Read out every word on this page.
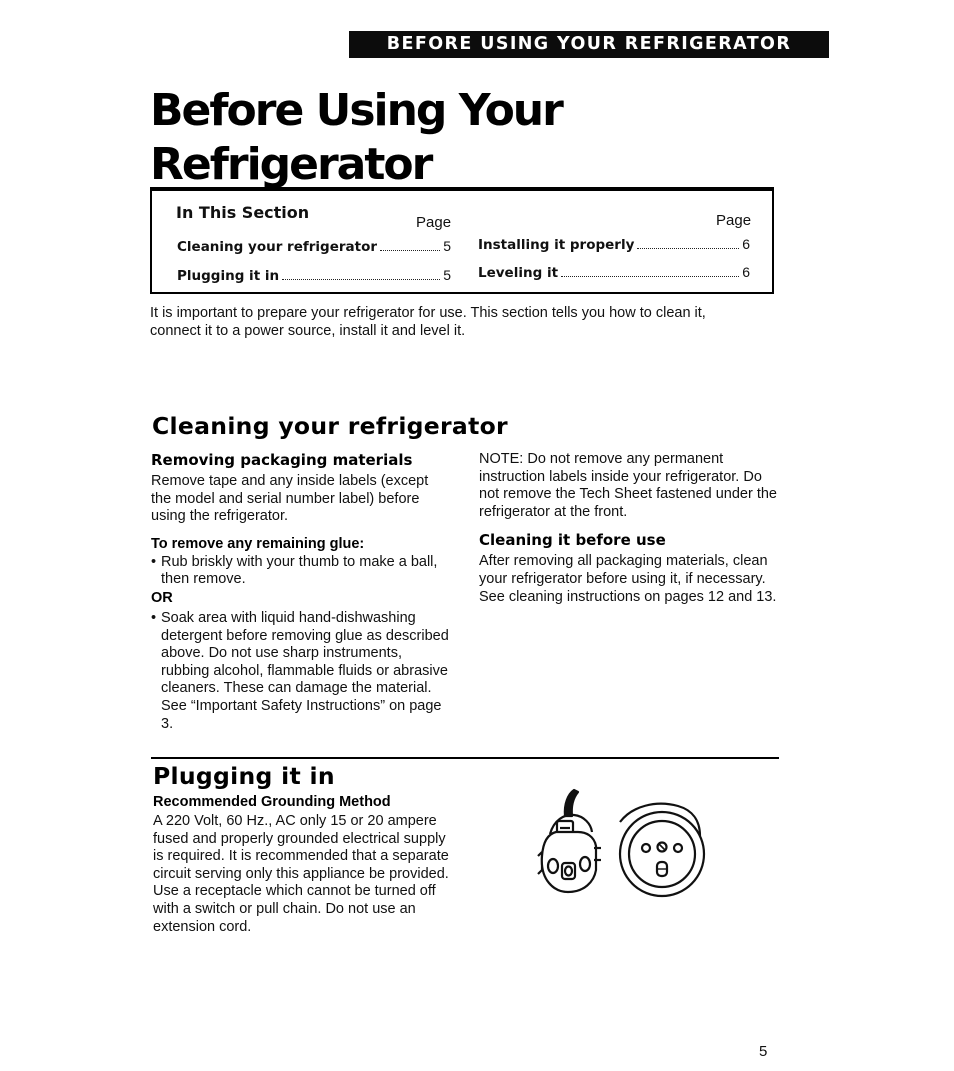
BEFORE USING YOUR REFRIGERATOR
Before Using Your
Refrigerator
In This Section
Page	Page
Cleaning your refrigerator	5
Plugging it in	5
Installing it properly	6
Leveling it	6
It is important to prepare your refrigerator for use. This section tells you how to clean it,
connect it to a power source, install it and level it.
Cleaning your refrigerator
Removing packaging materials

Remove tape and any inside labels (except the model and serial number label) before using the refrigerator.

To remove any remaining glue:
• Rub briskly with your thumb to make a ball, then remove.
OR
• Soak area with liquid hand-dishwashing detergent before removing glue as described above. Do not use sharp instruments, rubbing alcohol, flammable fluids or abrasive cleaners. These can damage the material. See “Important Safety Instructions” on page 3.

NOTE: Do not remove any permanent instruction labels inside your refrigerator. Do not remove the Tech Sheet fastened under the refrigerator at the front.

Cleaning it before use

After removing all packaging materials, clean your refrigerator before using it, if necessary. See cleaning instructions on pages 12 and 13.

Plugging it in
Recommended Grounding Method

A 220 Volt, 60 Hz., AC only 15 or 20 ampere fused and properly grounded electrical supply is required. It is recommended that a separate circuit serving only this appliance be provided. Use a receptacle which cannot be turned off with a switch or pull chain. Do not use an extension cord.

5
